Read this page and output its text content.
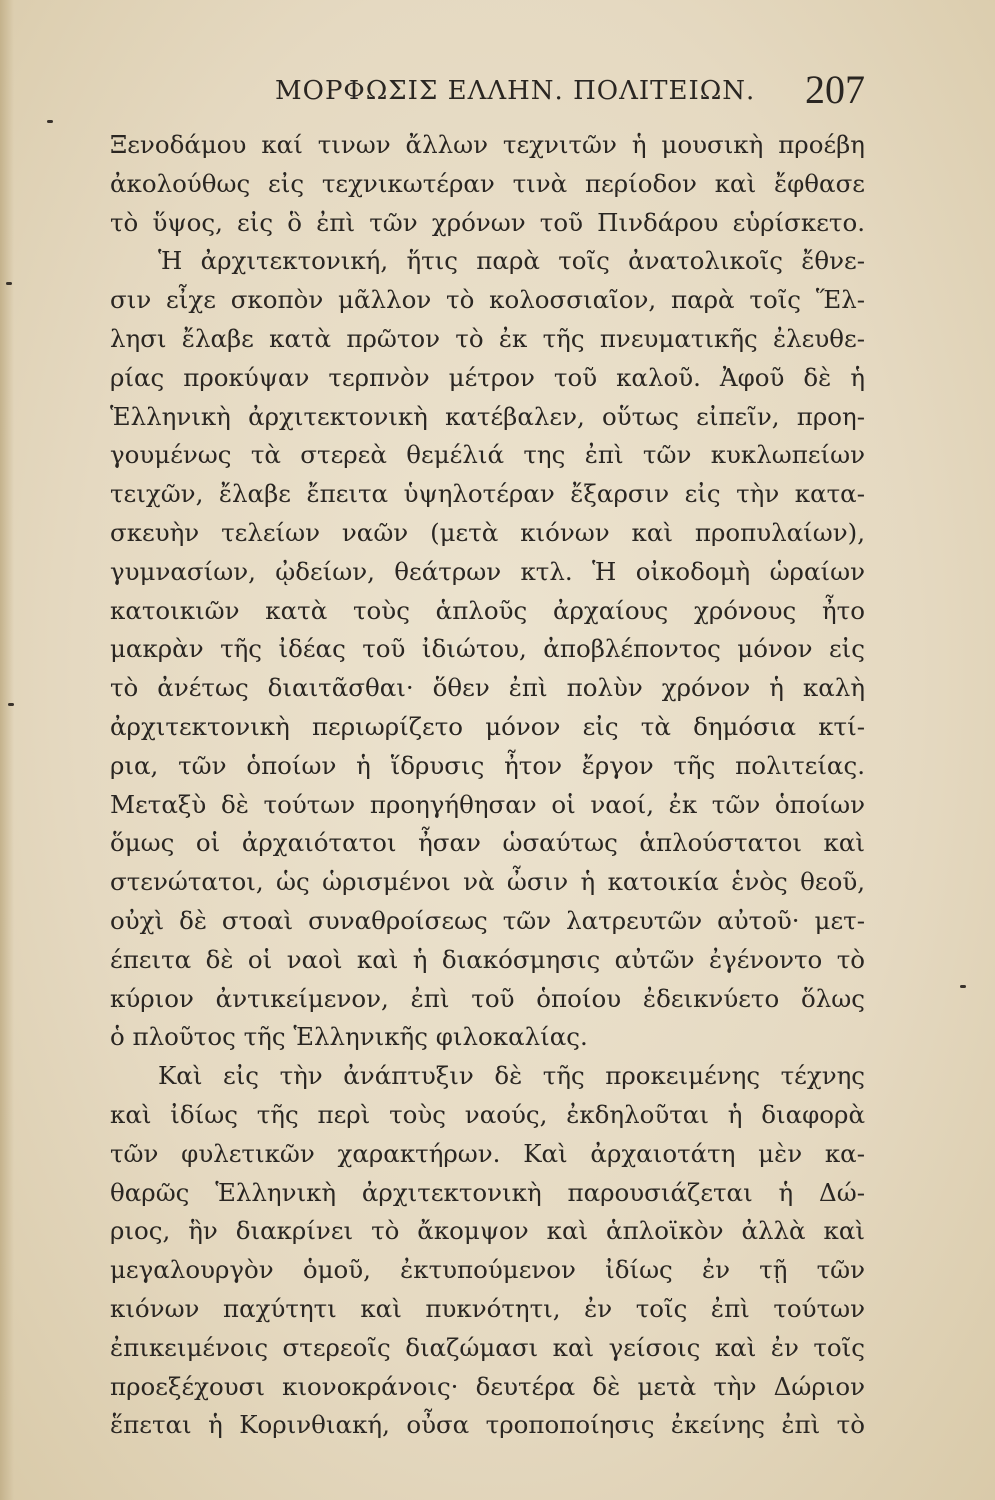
ΜΟΡΦΩΣΙΣ ΕΛΛΗΝ. ΠΟΛΙΤΕΙΩΝ. 207
Ξενοδάμου καί τινων ἄλλων τεχνιτῶν ἡ μουσικὴ προέβη
ἀκολούθως εἰς τεχνικωτέραν τινὰ περίοδον καὶ ἔφθασε
τὸ ὕψος, εἰς ὃ ἐπὶ τῶν χρόνων τοῦ Πινδάρου εὑρίσκετο.
Ἡ ἀρχιτεκτονική, ἥτις παρὰ τοῖς ἀνατολικοῖς ἔθνε-
σιν εἶχε σκοπὸν μᾶλλον τὸ κολοσσιαῖον, παρὰ τοῖς Ἕλ-
λησι ἔλαβε κατὰ πρῶτον τὸ ἐκ τῆς πνευματικῆς ἐλευθε-
ρίας προκύψαν τερπνὸν μέτρον τοῦ καλοῦ. Ἀφοῦ δὲ ἡ
Ἑλληνικὴ ἀρχιτεκτονικὴ κατέβαλεν, οὕτως εἰπεῖν, προη-
γουμένως τὰ στερεὰ θεμέλιά της ἐπὶ τῶν κυκλωπείων
τειχῶν, ἔλαβε ἔπειτα ὑψηλοτέραν ἔξαρσιν εἰς τὴν κατα-
σκευὴν τελείων ναῶν (μετὰ κιόνων καὶ προπυλαίων),
γυμνασίων, ᾠδείων, θεάτρων κτλ. Ἡ οἰκοδομὴ ὡραίων
κατοικιῶν κατὰ τοὺς ἁπλοῦς ἀρχαίους χρόνους ἦτο
μακρὰν τῆς ἰδέας τοῦ ἰδιώτου, ἀποβλέποντος μόνον εἰς
τὸ ἀνέτως διαιτᾶσθαι· ὅθεν ἐπὶ πολὺν χρόνον ἡ καλὴ
ἀρχιτεκτονικὴ περιωρίζετο μόνον εἰς τὰ δημόσια κτί-
ρια, τῶν ὁποίων ἡ ἵδρυσις ἦτον ἔργον τῆς πολιτείας.
Μεταξὺ δὲ τούτων προηγήθησαν οἱ ναοί, ἐκ τῶν ὁποίων
ὅμως οἱ ἀρχαιότατοι ἦσαν ὡσαύτως ἁπλούστατοι καὶ
στενώτατοι, ὡς ὡρισμένοι νὰ ὦσιν ἡ κατοικία ἑνὸς θεοῦ,
οὐχὶ δὲ στοαὶ συναθροίσεως τῶν λατρευτῶν αὐτοῦ· μετ-
έπειτα δὲ οἱ ναοὶ καὶ ἡ διακόσμησις αὐτῶν ἐγένοντο τὸ
κύριον ἀντικείμενον, ἐπὶ τοῦ ὁποίου ἐδεικνύετο ὅλως
ὁ πλοῦτος τῆς Ἑλληνικῆς φιλοκαλίας.
Καὶ εἰς τὴν ἀνάπτυξιν δὲ τῆς προκειμένης τέχνης
καὶ ἰδίως τῆς περὶ τοὺς ναούς, ἐκδηλοῦται ἡ διαφορὰ
τῶν φυλετικῶν χαρακτήρων. Καὶ ἀρχαιοτάτη μὲν κα-
θαρῶς Ἑλληνικὴ ἀρχιτεκτονικὴ παρουσιάζεται ἡ Δώ-
ριος, ἣν διακρίνει τὸ ἄκομψον καὶ ἁπλοϊκὸν ἀλλὰ καὶ
μεγαλουργὸν ὁμοῦ, ἐκτυπούμενον ἰδίως ἐν τῇ τῶν
κιόνων παχύτητι καὶ πυκνότητι, ἐν τοῖς ἐπὶ τούτων
ἐπικειμένοις στερεοῖς διαζώμασι καὶ γείσοις καὶ ἐν τοῖς
προεξέχουσι κιονοκράνοις· δευτέρα δὲ μετὰ τὴν Δώριον
ἕπεται ἡ Κορινθιακή, οὖσα τροποποίησις ἐκείνης ἐπὶ τὸ
